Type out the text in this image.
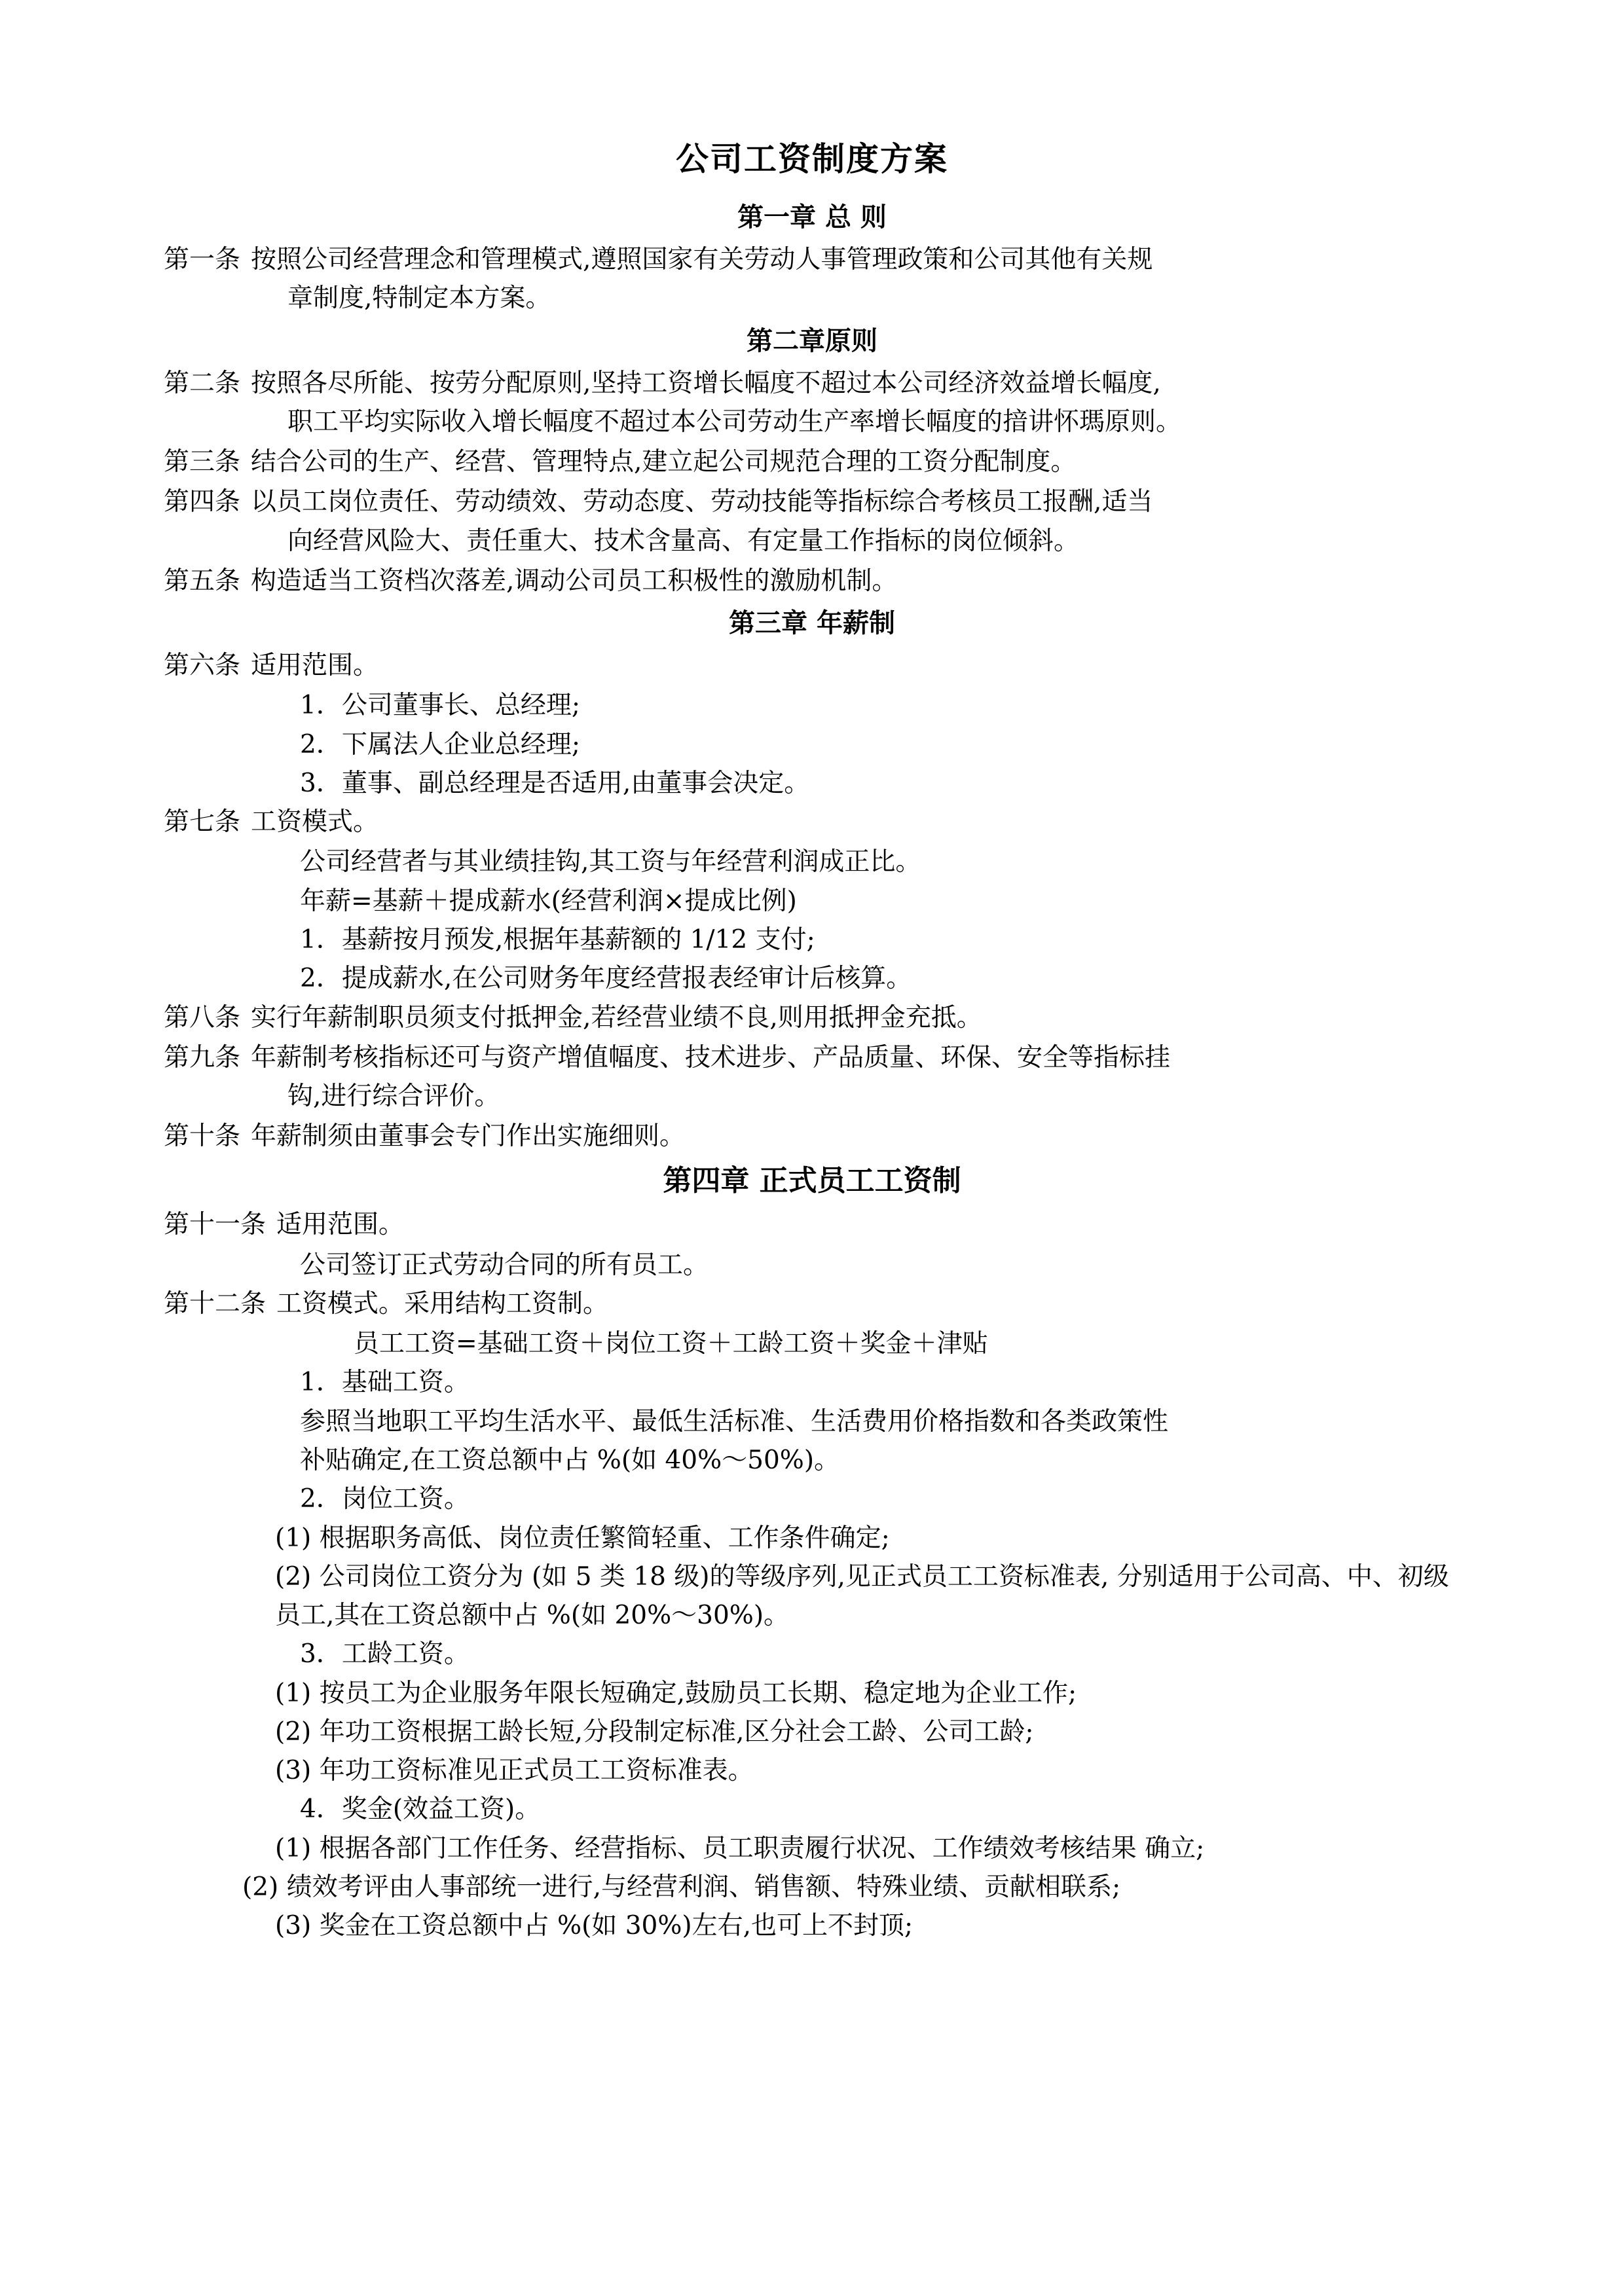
公司工资制度方案
第一章 总 则
第一条 按照公司经营理念和管理模式,遵照国家有关劳动人事管理政策和公司其他有关规
章制度,特制定本方案。
第二章原则
第二条 按照各尽所能、按劳分配原则,坚持工资增长幅度不超过本公司经济效益增长幅度,
职工平均实际收入增长幅度不超过本公司劳动生产率增长幅度的揞讲怀瑪原则。
第三条 结合公司的生产、经营、管理特点,建立起公司规范合理的工资分配制度。
第四条 以员工岗位责任、劳动绩效、劳动态度、劳动技能等指标综合考核员工报酬,适当
向经营风险大、责任重大、技术含量高、有定量工作指标的岗位倾斜。
第五条 构造适当工资档次落差,调动公司员工积极性的激励机制。
第三章 年薪制
第六条 适用范围。
1．公司董事长、总经理;
2．下属法人企业总经理;
3．董事、副总经理是否适用,由董事会决定。
第七条 工资模式。
公司经营者与其业绩挂钩,其工资与年经营利润成正比。
年薪=基薪＋提成薪水(经营利润×提成比例)
1．基薪按月预发,根据年基薪额的 1/12 支付;
2．提成薪水,在公司财务年度经营报表经审计后核算。
第八条 实行年薪制职员须支付抵押金,若经营业绩不良,则用抵押金充抵。
第九条 年薪制考核指标还可与资产增值幅度、技术进步、产品质量、环保、安全等指标挂
钩,进行综合评价。
第十条 年薪制须由董事会专门作出实施细则。
第四章 正式员工工资制
第十一条 适用范围。
公司签订正式劳动合同的所有员工。
第十二条 工资模式。采用结构工资制。
员工工资=基础工资＋岗位工资＋工龄工资＋奖金＋津贴
1．基础工资。
参照当地职工平均生活水平、最低生活标准、生活费用价格指数和各类政策性
补贴确定,在工资总额中占 %(如 40%～50%)。
2．岗位工资。
(1) 根据职务高低、岗位责任繁简轻重、工作条件确定;
(2) 公司岗位工资分为 (如 5 类 18 级)的等级序列,见正式员工工资标准表, 分别适用于公司高、中、初级员工,其在工资总额中占 %(如 20%～30%)。
3．工龄工资。
(1) 按员工为企业服务年限长短确定,鼓励员工长期、稳定地为企业工作;
(2) 年功工资根据工龄长短,分段制定标准,区分社会工龄、公司工龄;
(3) 年功工资标准见正式员工工资标准表。
4．奖金(效益工资)。
(1) 根据各部门工作任务、经营指标、员工职责履行状况、工作绩效考核结果 确立;
(2) 绩效考评由人事部统一进行,与经营利润、销售额、特殊业绩、贡献相联系;
(3) 奖金在工资总额中占 %(如 30%)左右,也可上不封顶;
